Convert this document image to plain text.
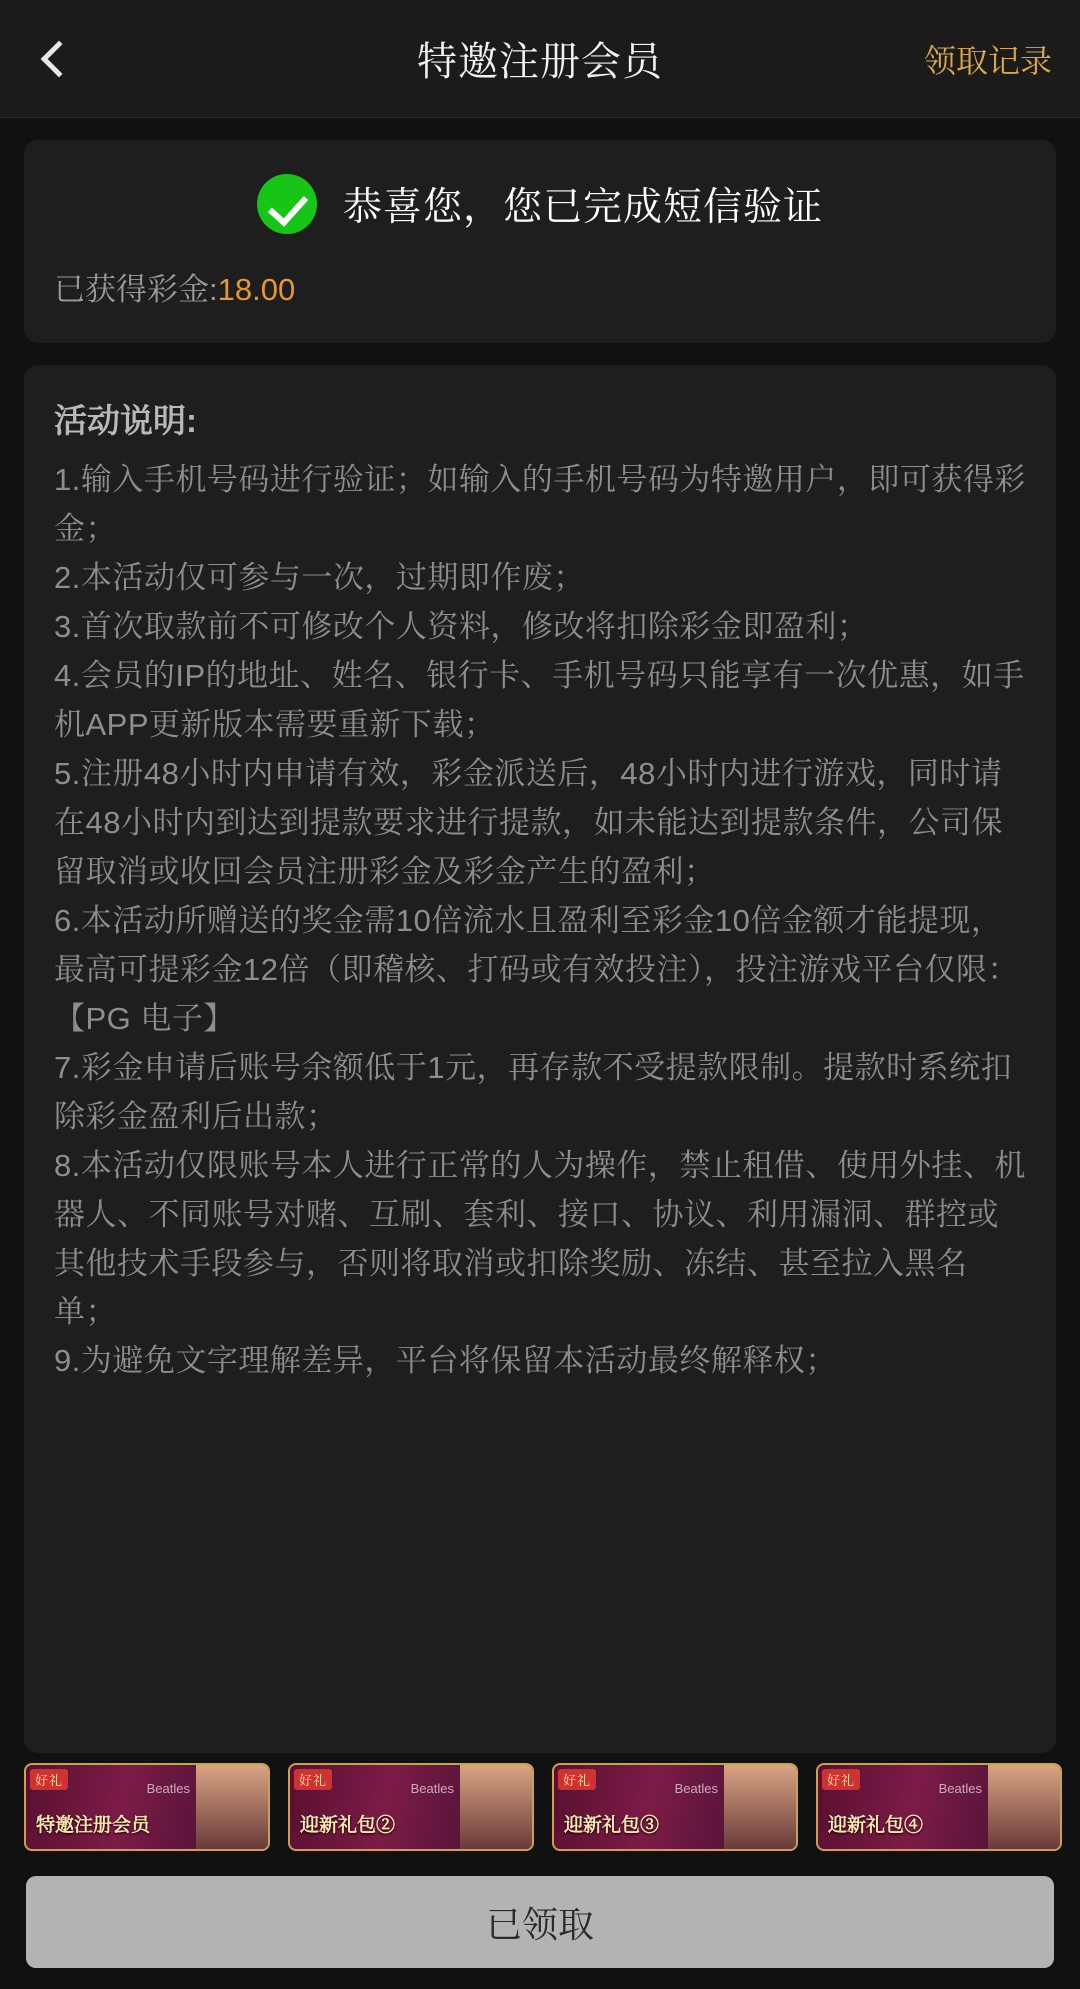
特邀注册会员	领取记录
恭喜您，您已完成短信验证
已获得彩金:18.00
活动说明:
1.输入手机号码进行验证；如输入的手机号码为特邀用户，即可获得彩金；
2.本活动仅可参与一次，过期即作废；
3.首次取款前不可修改个人资料，修改将扣除彩金即盈利；
4.会员的IP的地址、姓名、银行卡、手机号码只能享有一次优惠，如手机APP更新版本需要重新下载；
5.注册48小时内申请有效，彩金派送后，48小时内进行游戏，同时请在48小时内到达到提款要求进行提款，如未能达到提款条件，公司保留取消或收回会员注册彩金及彩金产生的盈利；
6.本活动所赠送的奖金需10倍流水且盈利至彩金10倍金额才能提现，最高可提彩金12倍（即稽核、打码或有效投注），投注游戏平台仅限：【PG 电子】
7.彩金申请后账号余额低于1元，再存款不受提款限制。提款时系统扣除彩金盈利后出款；
8.本活动仅限账号本人进行正常的人为操作，禁止租借、使用外挂、机器人、不同账号对赌、互刷、套利、接口、协议、利用漏洞、群控或其他技术手段参与，否则将取消或扣除奖励、冻结、甚至拉入黑名单；
9.为避免文字理解差异，平台将保留本活动最终解释权；
好礼
Beatles
特邀注册会员
好礼
Beatles
迎新礼包②
好礼
Beatles
迎新礼包③
好礼
Beatles
迎新礼包④
已领取
